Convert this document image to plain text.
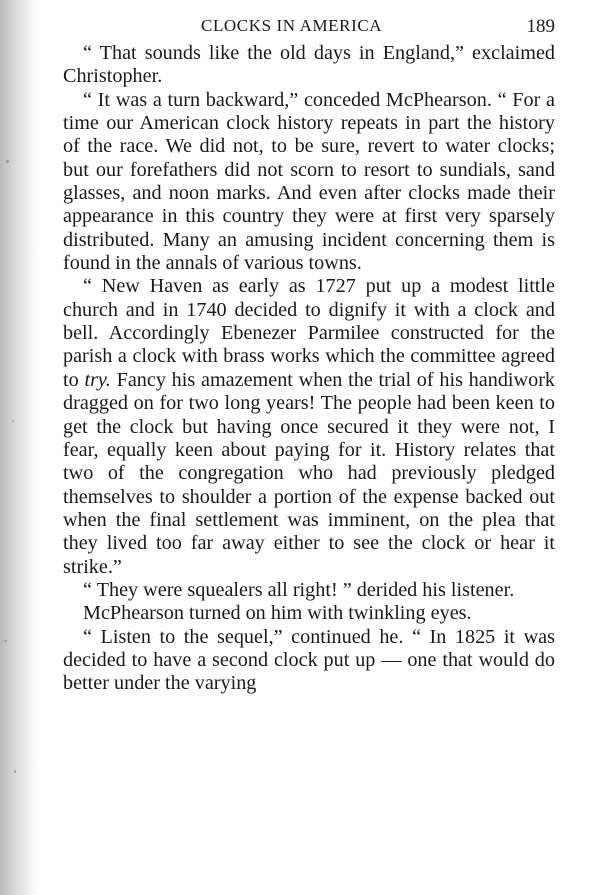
CLOCKS IN AMERICA	189

“ That sounds like the old days in England,” exclaimed Christopher.

“ It was a turn backward,” conceded McPhearson. “ For a time our American clock history repeats in part the history of the race. We did not, to be sure, revert to water clocks; but our forefathers did not scorn to resort to sundials, sand glasses, and noon marks. And even after clocks made their appearance in this country they were at first very sparsely distributed. Many an amusing incident concerning them is found in the annals of various towns.

“ New Haven as early as 1727 put up a modest little church and in 1740 decided to dignify it with a clock and bell. Accordingly Ebenezer Parmilee constructed for the parish a clock with brass works which the committee agreed to try. Fancy his amazement when the trial of his handiwork dragged on for two long years! The people had been keen to get the clock but having once secured it they were not, I fear, equally keen about paying for it. History relates that two of the congregation who had previously pledged themselves to shoulder a portion of the expense backed out when the final settlement was imminent, on the plea that they lived too far away either to see the clock or hear it strike.”

“ They were squealers all right! ” derided his listener.

McPhearson turned on him with twinkling eyes.

“ Listen to the sequel,” continued he. “ In 1825 it was decided to have a second clock put up — one that would do better under the varying
